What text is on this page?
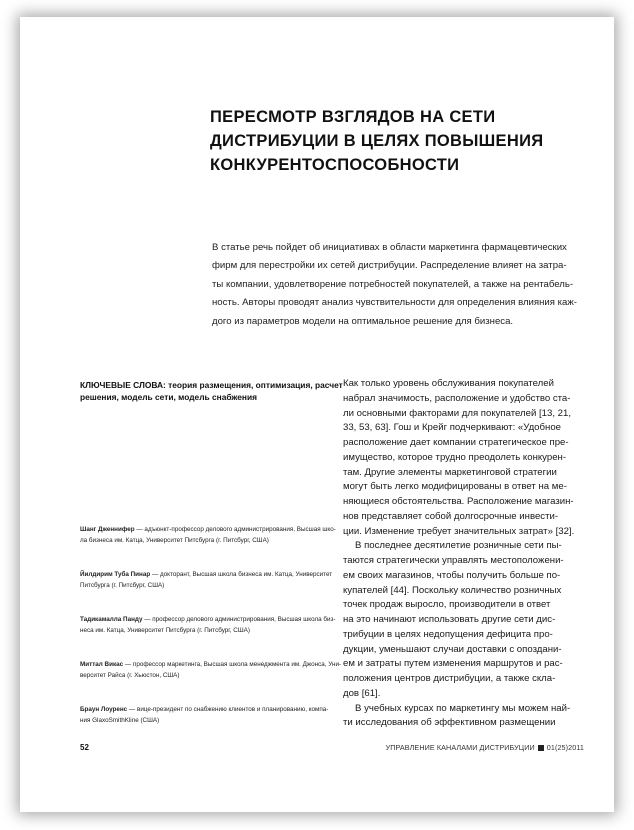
ПЕРЕСМОТР ВЗГЛЯДОВ НА СЕТИ
ДИСТРИБУЦИИ В ЦЕЛЯХ ПОВЫШЕНИЯ
КОНКУРЕНТОСПОСОБНОСТИ
В статье речь пойдет об инициативах в области маркетинга фармацевтических
фирм для перестройки их сетей дистрибуции. Распределение влияет на затра-
ты компании, удовлетворение потребностей покупателей, а также на рентабель-
ность. Авторы проводят анализ чувствительности для определения влияния каж-
дого из параметров модели на оптимальное решение для бизнеса.
КЛЮЧЕВЫЕ СЛОВА: теория размещения, оптимизация, расчет
решения, модель сети, модель снабжения
Шанг Дженнифер — адъюнкт-профессор делового администрирования, Высшая шко-
ла бизнеса им. Катца, Университет Питсбурга (г. Питсбург, США)
Йилдирим Туба Пинар — докторант, Высшая школа бизнеса им. Катца, Университет
Питсбурга (г. Питсбург, США)
Тадикамалла Панду — профессор делового администрирования, Высшая школа биз-
неса им. Катца, Университет Питсбурга (г. Питсбург, США)
Миттал Викас — профессор маркетинга, Высшая школа менеджмента им. Джонса, Уни-
верситет Райса (г. Хьюстон, США)
Браун Лоуренс — вице-президент по снабжению клиентов и планированию, компа-
ния GlaxoSmithKline (США)
Как только уровень обслуживания покупателей
набрал значимость, расположение и удобство ста-
ли основными факторами для покупателей [13, 21,
33, 53, 63]. Гош и Крейг подчеркивают: «Удобное
расположение дает компании стратегическое пре-
имущество, которое трудно преодолеть конкурен-
там. Другие элементы маркетинговой стратегии
могут быть легко модифицированы в ответ на ме-
няющиеся обстоятельства. Расположение магазин-
нов представляет собой долгосрочные инвести-
ции. Изменение требует значительных затрат» [32].
В последнее десятилетие розничные сети пы-
таются стратегически управлять местоположени-
ем своих магазинов, чтобы получить больше по-
купателей [44]. Поскольку количество розничных
точек продаж выросло, производители в ответ
на это начинают использовать другие сети дис-
трибуции в целях недопущения дефицита про-
дукции, уменьшают случаи доставки с опоздани-
ем и затраты путем изменения маршрутов и рас-
положения центров дистрибуции, а также скла-
дов [61].
В учебных курсах по маркетингу мы можем най-
ти исследования об эффективном размещении
52	УПРАВЛЕНИЕ КАНАЛАМИ ДИСТРИБУЦИИ 01(25)2011
